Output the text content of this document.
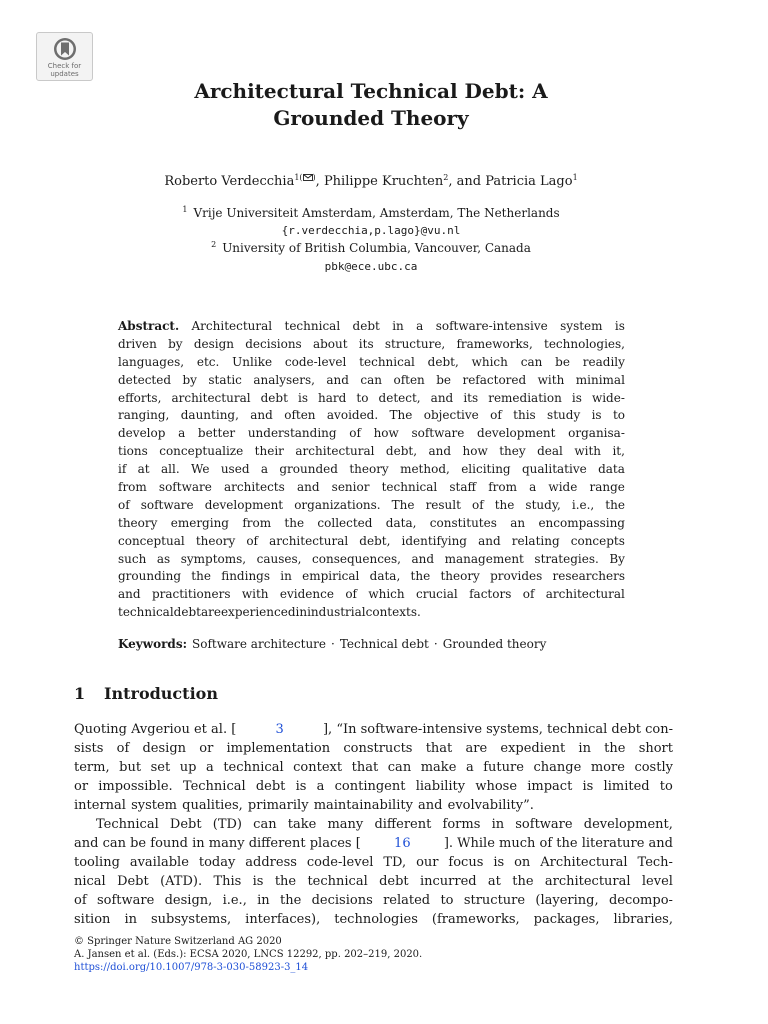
Check for updates
Architectural Technical Debt: A
Grounded Theory
Roberto Verdecchia$^{1( )}$, Philippe Kruchten$^2$, and Patricia Lago$^1$
$^1$ Vrije Universiteit Amsterdam, Amsterdam, The Netherlands
{r.verdecchia,p.lago}@vu.nl
$^2$ University of British Columbia, Vancouver, Canada
pbk@ece.ubc.ca
Abstract. Architectural technical debt in a software-intensive system is
driven by design decisions about its structure, frameworks, technologies,
languages, etc. Unlike code-level technical debt, which can be readily
detected by static analysers, and can often be refactored with minimal
efforts, architectural debt is hard to detect, and its remediation is wide-
ranging, daunting, and often avoided. The objective of this study is to
develop a better understanding of how software development organisa-
tions conceptualize their architectural debt, and how they deal with it,
if at all. We used a grounded theory method, eliciting qualitative data
from software architects and senior technical staff from a wide range
of software development organizations. The result of the study, i.e., the
theory emerging from the collected data, constitutes an encompassing
conceptual theory of architectural debt, identifying and relating concepts
such as symptoms, causes, consequences, and management strategies. By
grounding the findings in empirical data, the theory provides researchers
and practitioners with evidence of which crucial factors of architectural
technical debt are experienced in industrial contexts.
Keywords: Software architecture · Technical debt · Grounded theory
1 Introduction
Quoting Avgeriou et al. [	3	], “In software-intensive systems, technical debt con-
sists of design or implementation constructs that are expedient in the short
term, but set up a technical context that can make a future change more costly
or impossible. Technical debt is a contingent liability whose impact is limited to
internal system qualities, primarily maintainability and evolvability”.
Technical Debt (TD) can take many different forms in software development,
and can be found in many different places [	16	]. While much of the literature and
tooling available today address code-level TD, our focus is on Architectural Tech-
nical Debt (ATD). This is the technical debt incurred at the architectural level
of software design, i.e., in the decisions related to structure (layering, decompo-
sition in subsystems, interfaces), technologies (frameworks, packages, libraries,
© Springer Nature Switzerland AG 2020
A. Jansen et al. (Eds.): ECSA 2020, LNCS 12292, pp. 202–219, 2020.
https://doi.org/10.1007/978-3-030-58923-3_14
